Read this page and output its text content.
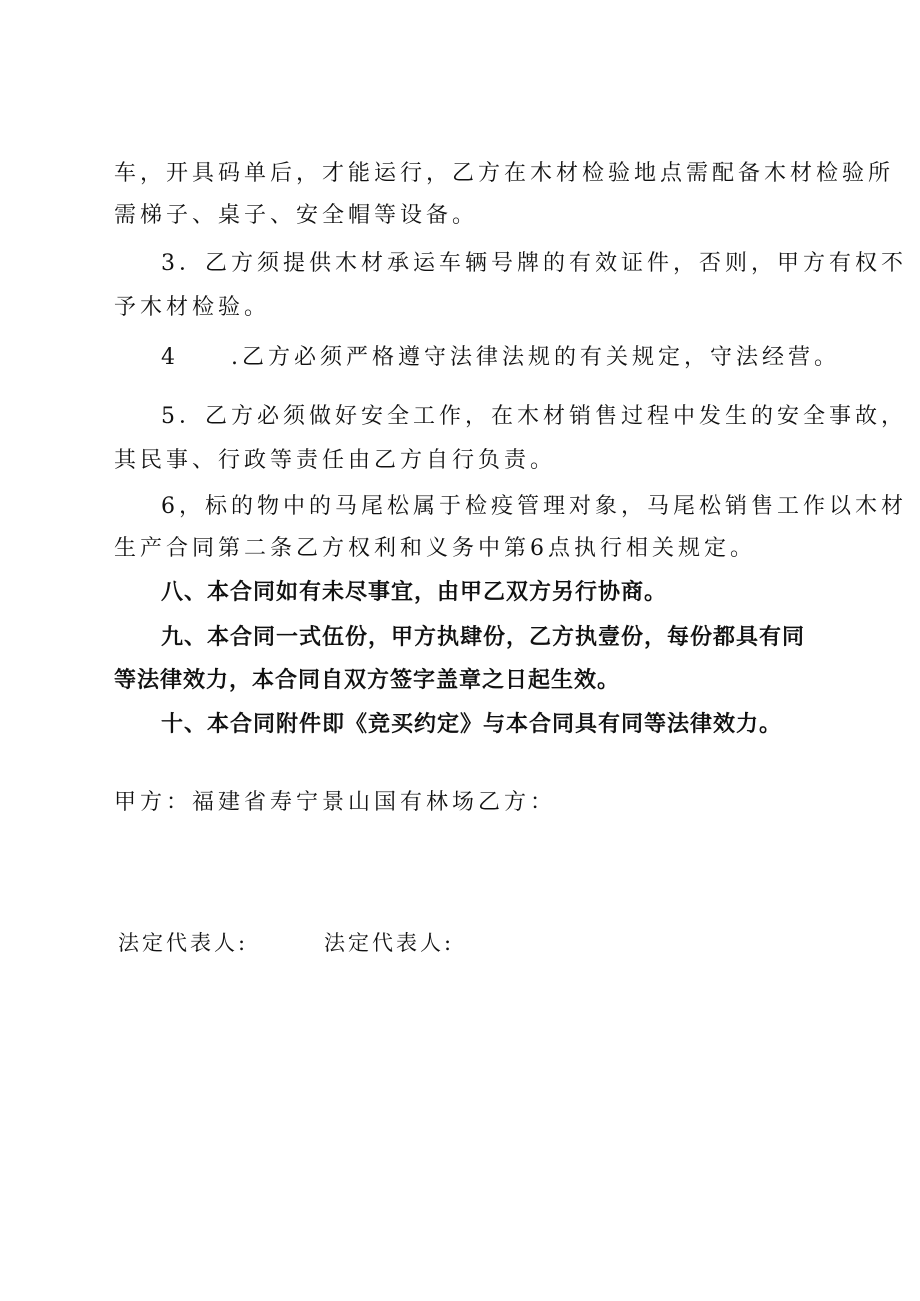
车，开具码单后，才能运行，乙方在木材检验地点需配备木材检验所
需梯子、桌子、安全帽等设备。
3．乙方须提供木材承运车辆号牌的有效证件，否则，甲方有权不
予木材检验。
4　　.乙方必须严格遵守法律法规的有关规定，守法经营。
5．乙方必须做好安全工作，在木材销售过程中发生的安全事故，
其民事、行政等责任由乙方自行负责。
6，标的物中的马尾松属于检疫管理对象，马尾松销售工作以木材
生产合同第二条乙方权利和义务中第6点执行相关规定。
八、本合同如有未尽事宜，由甲乙双方另行协商。
九、本合同一式伍份，甲方执肆份，乙方执壹份，每份都具有同
等法律效力，本合同自双方签字盖章之日起生效。
十、本合同附件即《竞买约定》与本合同具有同等法律效力。
甲方：福建省寿宁景山国有林场乙方：
法定代表人:	法定代表人:
